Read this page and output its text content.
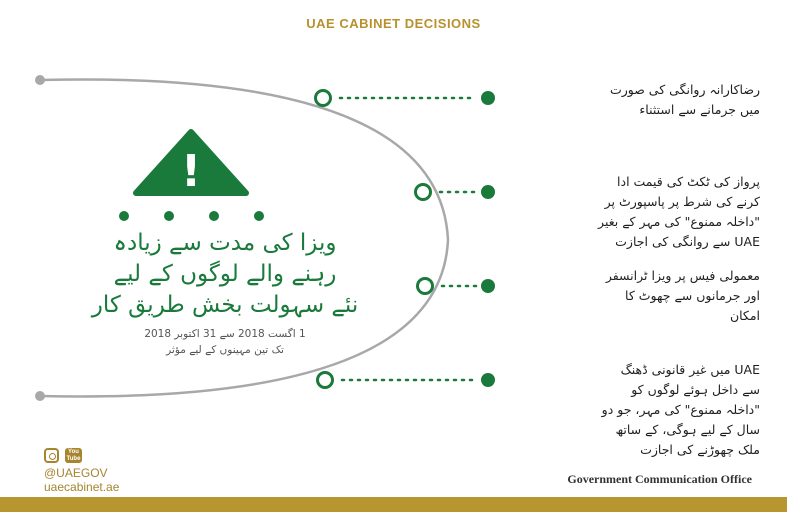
UAE CABINET DECISIONS
!
ویزا کی مدت سے زیادہ
رہنے والے لوگوں کے لیے
نئے سہولت بخش طریق کار
1 اگست 2018 سے 31 اکتوبر 2018
تک تین مہینوں کے لیے مؤثر
رضاکارانہ روانگی کی صورت
میں جرمانے سے استثناء
پرواز کی ٹکٹ کی قیمت ادا
کرنے کی شرط پر پاسپورٹ پر
"داخلہ ممنوع" کی مہر کے بغیر
UAE سے روانگی کی اجازت
معمولی فیس پر ویزا ٹرانسفر
اور جرمانوں سے چھوٹ کا
امکان
UAE میں غیر قانونی ڈھنگ
سے داخل ہوئے لوگوں کو
"داخلہ ممنوع" کی مہر، جو دو
سال کے لیے ہوگی، کے ساتھ
ملک چھوڑنے کی اجازت
You Tube
@UAEGOV
uaecabinet.ae
Government Communication Office
